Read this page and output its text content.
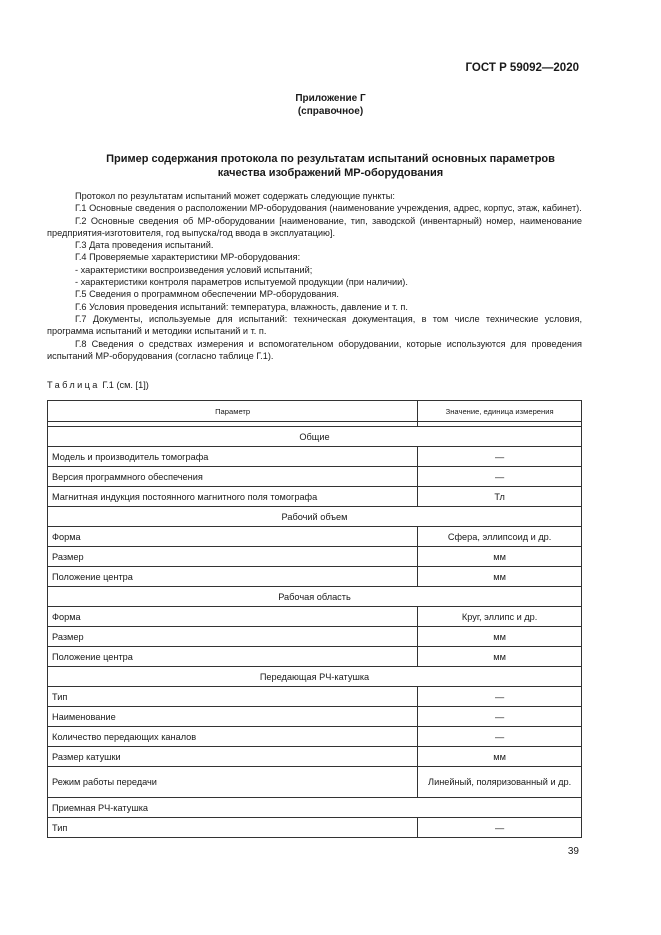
ГОСТ Р 59092—2020
Приложение Г
(справочное)
Пример содержания протокола по результатам испытаний основных параметров
качества изображений МР-оборудования

Протокол по результатам испытаний может содержать следующие пункты:

Г.1 Основные сведения о расположении МР-оборудования (наименование учреждения, адрес, корпус, этаж, кабинет).

Г.2 Основные сведения об МР-оборудовании [наименование, тип, заводской (инвентарный) номер, наименование предприятия-изготовителя, год выпуска/год ввода в эксплуатацию].

Г.3 Дата проведения испытаний.

Г.4 Проверяемые характеристики МР-оборудования:

- характеристики воспроизведения условий испытаний;

- характеристики контроля параметров испытуемой продукции (при наличии).

Г.5 Сведения о программном обеспечении МР-оборудования.

Г.6 Условия проведения испытаний: температура, влажность, давление и т. п.

Г.7 Документы, используемые для испытаний: техническая документация, в том числе технические условия, программа испытаний и методики испытаний и т. п.

Г.8 Сведения о средствах измерения и вспомогательном оборудовании, которые используются для проведения испытаний МР-оборудования (согласно таблице Г.1).

Таблица Г.1 (см. [1])
Параметр	Значение, единица измерения

Общие	
Модель и производитель томографа	—
Версия программного обеспечения	—
Магнитная индукция постоянного магнитного поля томографа	Тл
Рабочий объем	
Форма	Сфера, эллипсоид и др.
Размер	мм
Положение центра	мм
Рабочая область	
Форма	Круг, эллипс и др.
Размер	мм
Положение центра	мм
Передающая РЧ-катушка	
Тип	—
Наименование	—
Количество передающих каналов	—
Размер катушки	мм
Режим работы передачи	Линейный, поляризованный и др.
Приемная РЧ-катушка	
Тип	—
39
